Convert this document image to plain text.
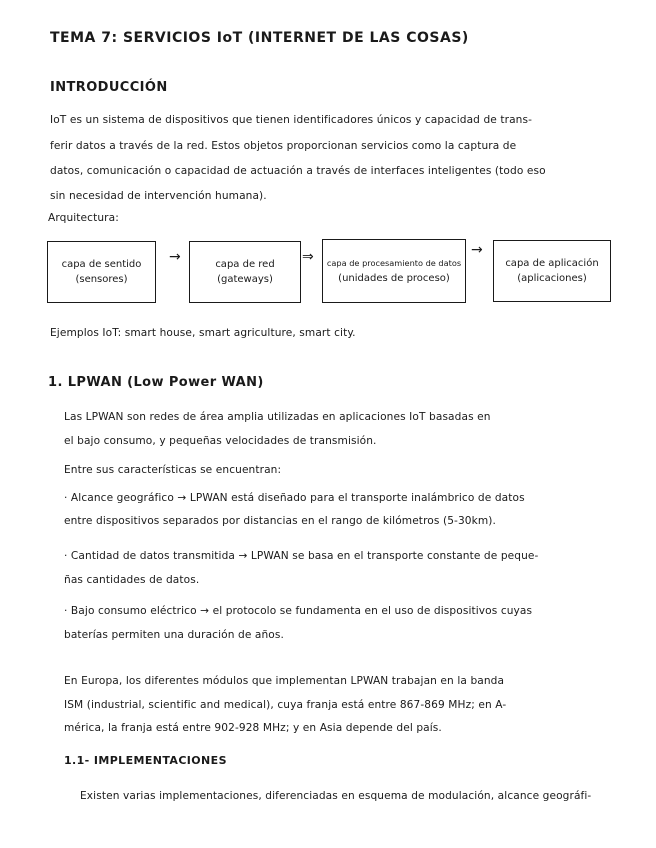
TEMA 7: SERVICIOS IoT (INTERNET DE LAS COSAS)
INTRODUCCIÓN
IoT es un sistema de dispositivos que tienen identificadores únicos y capacidad de trans-
ferir datos a través de la red. Estos objetos proporcionan servicios como la captura de
datos, comunicación o capacidad de actuación a través de interfaces inteligentes (todo eso
sin necesidad de intervención humana).
Arquitectura:
capa de sentido
(sensores)
→	capa de red
(gateways)
⇒ capa de procesamiento de datos
(unidades de proceso)
→
capa de aplicación
(aplicaciones)
Ejemplos IoT: smart house, smart agriculture, smart city.
1. LPWAN (Low Power WAN)
Las LPWAN son redes de área amplia utilizadas en aplicaciones IoT basadas en
el bajo consumo, y pequeñas velocidades de transmisión.
Entre sus características se encuentran:
· Alcance geográfico → LPWAN está diseñado para el transporte inalámbrico de datos
entre dispositivos separados por distancias en el rango de kilómetros (5-30km).
· Cantidad de datos transmitida → LPWAN se basa en el transporte constante de peque-
ñas cantidades de datos.
· Bajo consumo eléctrico → el protocolo se fundamenta en el uso de dispositivos cuyas
baterías permiten una duración de años.
En Europa, los diferentes módulos que implementan LPWAN trabajan en la banda
ISM (industrial, scientific and medical), cuya franja está entre 867-869 MHz; en A-
mérica, la franja está entre 902-928 MHz; y en Asia depende del país.
1.1- IMPLEMENTACIONES
Existen varias implementaciones, diferenciadas en esquema de modulación, alcance geográfi-
